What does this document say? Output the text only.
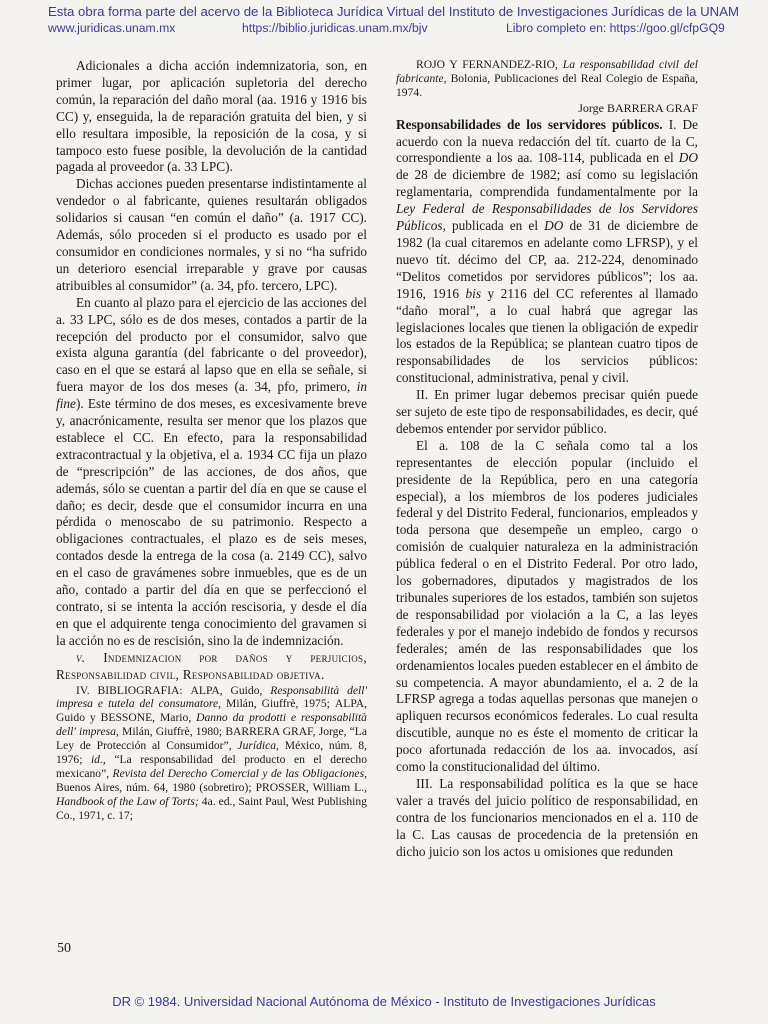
Esta obra forma parte del acervo de la Biblioteca Jurídica Virtual del Instituto de Investigaciones Jurídicas de la UNAM
www.juridicas.unam.mx	https://biblio.juridicas.unam.mx/bjv	Libro completo en: https://goo.gl/cfpGQ9

Adicionales a dicha acción indemnizatoria, son, en primer lugar, por aplicación supletoria del derecho común, la reparación del daño moral (aa. 1916 y 1916 bis CC) y, enseguida, la de reparación gratuita del bien, y si ello resultara imposible, la reposición de la cosa, y si tampoco esto fuese posible, la devolución de la cantidad pagada al proveedor (a. 33 LPC).

Dichas acciones pueden presentarse indistintamente al vendedor o al fabricante, quienes resultarán obligados solidarios si causan “en común el daño” (a. 1917 CC). Además, sólo proceden si el producto es usado por el consumidor en condiciones normales, y si no “ha sufrido un deterioro esencial irreparable y grave por causas atribuibles al consumidor” (a. 34, pfo. tercero, LPC).

En cuanto al plazo para el ejercicio de las acciones del a. 33 LPC, sólo es de dos meses, contados a partir de la recepción del producto por el consumidor, salvo que exista alguna garantía (del fabricante o del proveedor), caso en el que se estará al lapso que en ella se señale, si fuera mayor de los dos meses (a. 34, pfo, primero, in fine). Este término de dos meses, es excesivamente breve y, anacrónicamente, resulta ser menor que los plazos que establece el CC. En efecto, para la responsabilidad extracontractual y la objetiva, el a. 1934 CC fija un plazo de “prescripción” de las acciones, de dos años, que además, sólo se cuentan a partir del día en que se cause el daño; es decir, desde que el consumidor incurra en una pérdida o menoscabo de su patrimonio. Respecto a obligaciones contractuales, el plazo es de seis meses, contados desde la entrega de la cosa (a. 2149 CC), salvo en el caso de gravámenes sobre inmuebles, que es de un año, contado a partir del día en que se perfeccionó el contrato, si se intenta la acción rescisoria, y desde el día en que el adquirente tenga conocimiento del gravamen si la acción no es de rescisión, sino la de indemnización.

v. Indemnizacion por daños y perjuicios, Responsabilidad civil, Responsabilidad objetiva.

IV. BIBLIOGRAFIA: ALPA, Guido, Responsabilità dell' impresa e tutela del consumatore, Milán, Giuffrè, 1975; ALPA, Guido y BESSONE, Mario, Danno da prodotti e responsabilità dell' impresa, Milán, Giuffrè, 1980; BARRERA GRAF, Jorge, “La Ley de Protección al Consumidor”, Jurídica, México, núm. 8, 1976; id., “La responsabilidad del producto en el derecho mexicano”, Revista del Derecho Comercial y de las Obligaciones, Buenos Aires, núm. 64, 1980 (sobretiro); PROSSER, William L., Handbook of the Law of Torts; 4a. ed., Saint Paul, West Publishing Co., 1971, c. 17;

ROJO Y FERNANDEZ-RIO, La responsabilidad civil del fabricante, Bolonia, Publicaciones del Real Colegio de España, 1974.

Jorge BARRERA GRAF

Responsabilidades de los servidores públicos. I. De acuerdo con la nueva redacción del tít. cuarto de la C, correspondiente a los aa. 108-114, publicada en el DO de 28 de diciembre de 1982; así como su legislación reglamentaria, comprendida fundamentalmente por la Ley Federal de Responsabilidades de los Servidores Públicos, publicada en el DO de 31 de diciembre de 1982 (la cual citaremos en adelante como LFRSP), y el nuevo tít. décimo del CP, aa. 212-224, denominado “Delitos cometidos por servidores públicos”; los aa. 1916, 1916 bis y 2116 del CC referentes al llamado “daño moral”, a lo cual habrá que agregar las legislaciones locales que tienen la obligación de expedir los estados de la República; se plantean cuatro tipos de responsabilidades de los servicios públicos: constitucional, administrativa, penal y civil.

II. En primer lugar debemos precisar quién puede ser sujeto de este tipo de responsabilidades, es decir, qué debemos entender por servidor público.

El a. 108 de la C señala como tal a los representantes de elección popular (incluido el presidente de la República, pero en una categoría especial), a los miembros de los poderes judiciales federal y del Distrito Federal, funcionarios, empleados y toda persona que desempeñe un empleo, cargo o comisión de cualquier naturaleza en la administración pública federal o en el Distrito Federal. Por otro lado, los gobernadores, diputados y magistrados de los tribunales superiores de los estados, también son sujetos de responsabilidad por violación a la C, a las leyes federales y por el manejo indebido de fondos y recursos federales; amén de las responsabilidades que los ordenamientos locales pueden establecer en el ámbito de su competencia. A mayor abundamiento, el a. 2 de la LFRSP agrega a todas aquellas personas que manejen o apliquen recursos económicos federales. Lo cual resulta discutible, aunque no es éste el momento de criticar la poco afortunada redacción de los aa. invocados, así como la constitucionalidad del último.

III. La responsabilidad política es la que se hace valer a través del juicio político de responsabilidad, en contra de los funcionarios mencionados en el a. 110 de la C. Las causas de procedencia de la pretensión en dicho juicio son los actos u omisiones que redunden

50
DR © 1984. Universidad Nacional Autónoma de México - Instituto de Investigaciones Jurídicas
